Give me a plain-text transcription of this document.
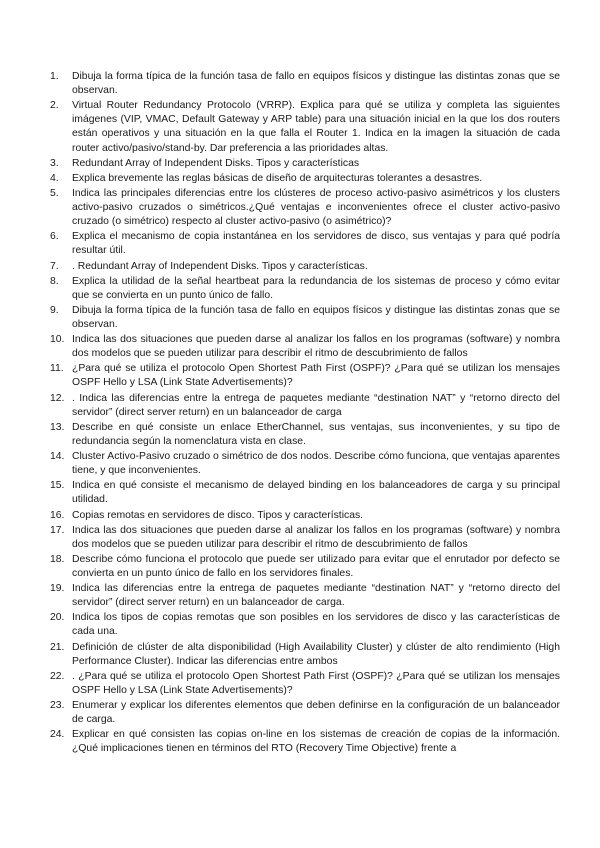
1.	Dibuja la forma típica de la función tasa de fallo en equipos físicos y distingue las distintas zonas que se observan.
2.	Virtual Router Redundancy Protocolo (VRRP). Explica para qué se utiliza y completa las siguientes imágenes (VIP, VMAC, Default Gateway y ARP table) para una situación inicial en la que los dos routers están operativos y una situación en la que falla el Router 1. Indica en la imagen la situación de cada router activo/pasivo/stand-by. Dar preferencia a las prioridades altas.
3.	Redundant Array of Independent Disks. Tipos y características
4.	Explica brevemente las reglas básicas de diseño de arquitecturas tolerantes a desastres.
5.	Indica las principales diferencias entre los clústeres de proceso activo-pasivo asimétricos y los clusters activo-pasivo cruzados o simétricos.¿Qué ventajas e inconvenientes ofrece el cluster activo-pasivo cruzado (o simétrico) respecto al cluster activo-pasivo (o asimétrico)?
6.	Explica el mecanismo de copia instantánea en los servidores de disco, sus ventajas y para qué podría resultar útil.
7.	. Redundant Array of Independent Disks. Tipos y características.
8.	Explica la utilidad de la señal heartbeat para la redundancia de los sistemas de proceso y cómo evitar que se convierta en un punto único de fallo.
9.	Dibuja la forma típica de la función tasa de fallo en equipos físicos y distingue las distintas zonas que se observan.
10. Indica las dos situaciones que pueden darse al analizar los fallos en los programas (software) y nombra dos modelos que se pueden utilizar para describir el ritmo de descubrimiento de fallos
11. ¿Para qué se utiliza el protocolo Open Shortest Path First (OSPF)? ¿Para qué se utilizan los mensajes OSPF Hello y LSA (Link State Advertisements)?
12. . Indica las diferencias entre la entrega de paquetes mediante “destination NAT” y “retorno directo del servidor” (direct server return) en un balanceador de carga
13. Describe en qué consiste un enlace EtherChannel, sus ventajas, sus inconvenientes, y su tipo de redundancia según la nomenclatura vista en clase.
14. Cluster Activo-Pasivo cruzado o simétrico de dos nodos. Describe cómo funciona, que ventajas aparentes tiene, y que inconvenientes.
15. Indica en qué consiste el mecanismo de delayed binding en los balanceadores de carga y su principal utilidad.
16. Copias remotas en servidores de disco. Tipos y características.
17. Indica las dos situaciones que pueden darse al analizar los fallos en los programas (software) y nombra dos modelos que se pueden utilizar para describir el ritmo de descubrimiento de fallos
18. Describe cómo funciona el protocolo que puede ser utilizado para evitar que el enrutador por defecto se convierta en un punto único de fallo en los servidores finales.
19. Indica las diferencias entre la entrega de paquetes mediante “destination NAT” y “retorno directo del servidor” (direct server return) en un balanceador de carga.
20. Indica los tipos de copias remotas que son posibles en los servidores de disco y las características de cada una.
21. Definición de clúster de alta disponibilidad (High Availability Cluster) y clúster de alto rendimiento (High Performance Cluster). Indicar las diferencias entre ambos
22. . ¿Para qué se utiliza el protocolo Open Shortest Path First (OSPF)? ¿Para qué se utilizan los mensajes OSPF Hello y LSA (Link State Advertisements)?
23. Enumerar y explicar los diferentes elementos que deben definirse en la configuración de un balanceador de carga.
24. Explicar en qué consisten las copias on-line en los sistemas de creación de copias de la información. ¿Qué implicaciones tienen en términos del RTO (Recovery Time Objective) frente a
